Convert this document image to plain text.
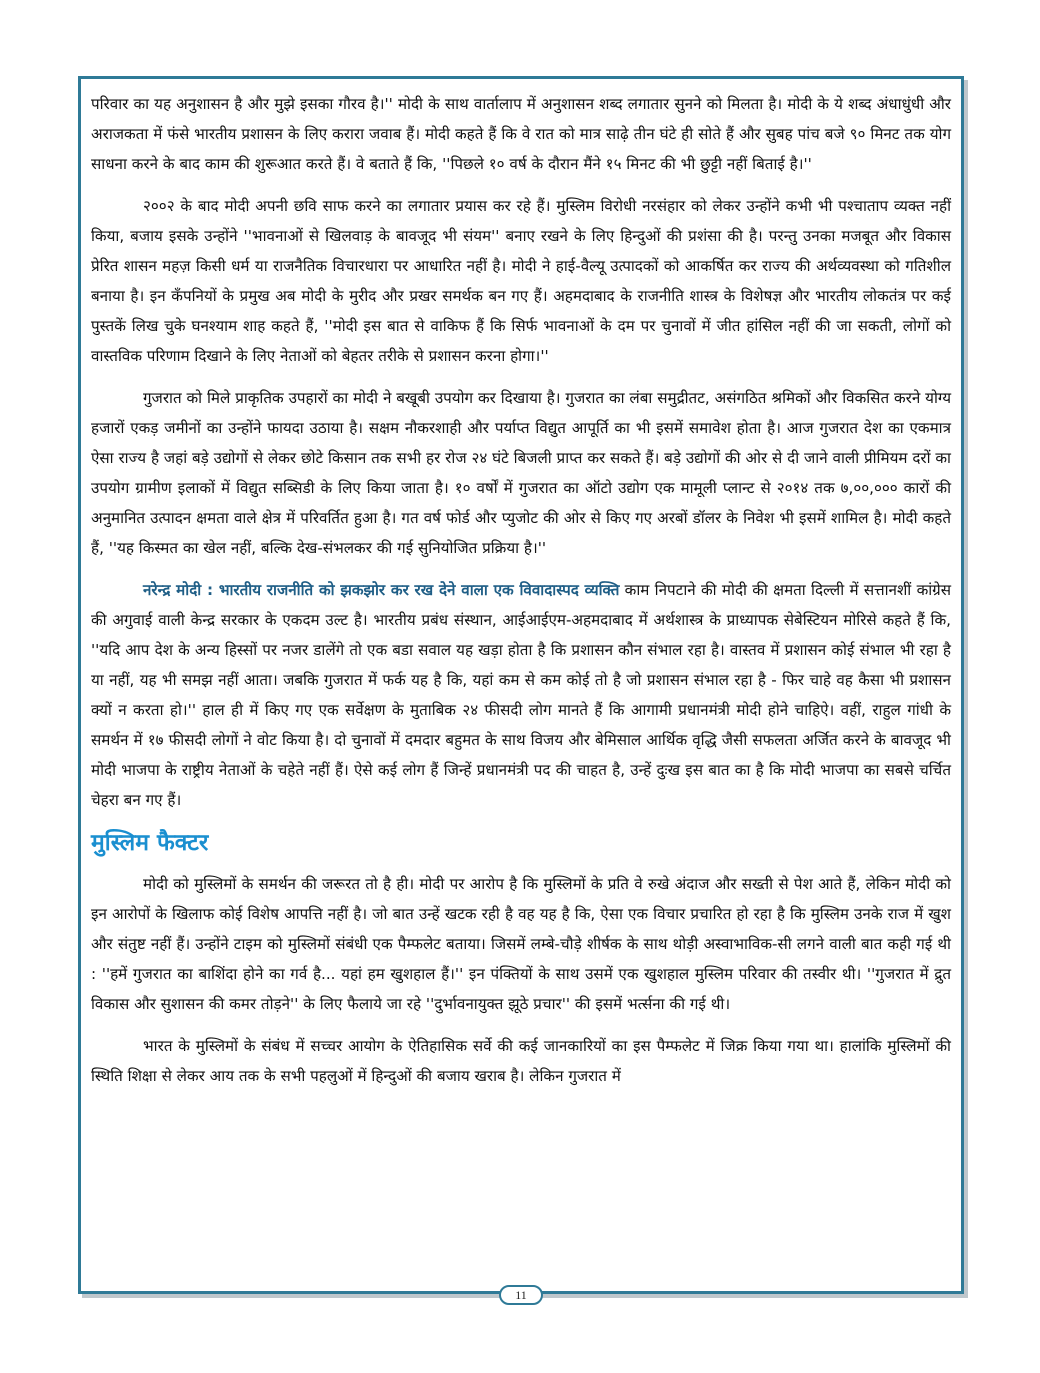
परिवार का यह अनुशासन है और मुझे इसका गौरव है।'' मोदी के साथ वार्तालाप में अनुशासन शब्द लगातार सुनने को मिलता है। मोदी के ये शब्द अंधाधुंधी और अराजकता में फंसे भारतीय प्रशासन के लिए करारा जवाब हैं। मोदी कहते हैं कि वे रात को मात्र साढ़े तीन घंटे ही सोते हैं और सुबह पांच बजे ९० मिनट तक योग साधना करने के बाद काम की शुरूआत करते हैं। वे बताते हैं कि, ''पिछले १० वर्ष के दौरान मैंने १५ मिनट की भी छुट्टी नहीं बिताई है।''

२००२ के बाद मोदी अपनी छवि साफ करने का लगातार प्रयास कर रहे हैं। मुस्लिम विरोधी नरसंहार को लेकर उन्होंने कभी भी पश्चाताप व्यक्त नहीं किया, बजाय इसके उन्होंने ''भावनाओं से खिलवाड़ के बावजूद भी संयम'' बनाए रखने के लिए हिन्दुओं की प्रशंसा की है। परन्तु उनका मजबूत और विकास प्रेरित शासन महज़ किसी धर्म या राजनैतिक विचारधारा पर आधारित नहीं है। मोदी ने हाई-वैल्यू उत्पादकों को आकर्षित कर राज्य की अर्थव्यवस्था को गतिशील बनाया है। इन कँपनियों के प्रमुख अब मोदी के मुरीद और प्रखर समर्थक बन गए हैं। अहमदाबाद के राजनीति शास्त्र के विशेषज्ञ और भारतीय लोकतंत्र पर कई पुस्तकें लिख चुके घनश्याम शाह कहते हैं, ''मोदी इस बात से वाकिफ हैं कि सिर्फ भावनाओं के दम पर चुनावों में जीत हांसिल नहीं की जा सकती, लोगों को वास्तविक परिणाम दिखाने के लिए नेताओं को बेहतर तरीके से प्रशासन करना होगा।''

गुजरात को मिले प्राकृतिक उपहारों का मोदी ने बखूबी उपयोग कर दिखाया है। गुजरात का लंबा समुद्रीतट, असंगठित श्रमिकों और विकसित करने योग्य हजारों एकड़ जमीनों का उन्होंने फायदा उठाया है। सक्षम नौकरशाही और पर्याप्त विद्युत आपूर्ति का भी इसमें समावेश होता है। आज गुजरात देश का एकमात्र ऐसा राज्य है जहां बड़े उद्योगों से लेकर छोटे किसान तक सभी हर रोज २४ घंटे बिजली प्राप्त कर सकते हैं। बड़े उद्योगों की ओर से दी जाने वाली प्रीमियम दरों का उपयोग ग्रामीण इलाकों में विद्युत सब्सिडी के लिए किया जाता है। १० वर्षों में गुजरात का ऑटो उद्योग एक मामूली प्लान्ट से २०१४ तक ७,००,००० कारों की अनुमानित उत्पादन क्षमता वाले क्षेत्र में परिवर्तित हुआ है। गत वर्ष फोर्ड और प्युजोट की ओर से किए गए अरबों डॉलर के निवेश भी इसमें शामिल है। मोदी कहते हैं, ''यह किस्मत का खेल नहीं, बल्कि देख-संभलकर की गई सुनियोजित प्रक्रिया है।''

नरेन्द्र मोदी : भारतीय राजनीति को झकझोर कर रख देने वाला एक विवादास्पद व्यक्ति काम निपटाने की मोदी की क्षमता दिल्ली में सत्तानशीं कांग्रेस की अगुवाई वाली केन्द्र सरकार के एकदम उल्ट है। भारतीय प्रबंध संस्थान, आईआईएम-अहमदाबाद में अर्थशास्त्र के प्राध्यापक सेबेस्टियन मोरिसे कहते हैं कि, ''यदि आप देश के अन्य हिस्सों पर नजर डालेंगे तो एक बडा सवाल यह खड़ा होता है कि प्रशासन कौन संभाल रहा है। वास्तव में प्रशासन कोई संभाल भी रहा है या नहीं, यह भी समझ नहीं आता। जबकि गुजरात में फर्क यह है कि, यहां कम से कम कोई तो है जो प्रशासन संभाल रहा है - फिर चाहे वह कैसा भी प्रशासन क्यों न करता हो।'' हाल ही में किए गए एक सर्वेक्षण के मुताबिक २४ फीसदी लोग मानते हैं कि आगामी प्रधानमंत्री मोदी होने चाहिऐ। वहीं, राहुल गांधी के समर्थन में १७ फीसदी लोगों ने वोट किया है। दो चुनावों में दमदार बहुमत के साथ विजय और बेमिसाल आर्थिक वृद्धि जैसी सफलता अर्जित करने के बावजूद भी मोदी भाजपा के राष्ट्रीय नेताओं के चहेते नहीं हैं। ऐसे कई लोग हैं जिन्हें प्रधानमंत्री पद की चाहत है, उन्हें दुःख इस बात का है कि मोदी भाजपा का सबसे चर्चित चेहरा बन गए हैं।

मुस्लिम फैक्टर

मोदी को मुस्लिमों के समर्थन की जरूरत तो है ही। मोदी पर आरोप है कि मुस्लिमों के प्रति वे रुखे अंदाज और सख्ती से पेश आते हैं, लेकिन मोदी को इन आरोपों के खिलाफ कोई विशेष आपत्ति नहीं है। जो बात उन्हें खटक रही है वह यह है कि, ऐसा एक विचार प्रचारित हो रहा है कि मुस्लिम उनके राज में खुश और संतुष्ट नहीं हैं। उन्होंने टाइम को मुस्लिमों संबंधी एक पैम्फलेट बताया। जिसमें लम्बे-चौड़े शीर्षक के साथ थोड़ी अस्वाभाविक-सी लगने वाली बात कही गई थी : ''हमें गुजरात का बाशिंदा होने का गर्व है... यहां हम खुशहाल हैं।'' इन पंक्तियों के साथ उसमें एक खुशहाल मुस्लिम परिवार की तस्वीर थी। ''गुजरात में द्रुत विकास और सुशासन की कमर तोड़ने'' के लिए फैलाये जा रहे ''दुर्भावनायुक्त झूठे प्रचार'' की इसमें भर्त्सना की गई थी।

भारत के मुस्लिमों के संबंध में सच्चर आयोग के ऐतिहासिक सर्वे की कई जानकारियों का इस पैम्फलेट में जिक्र किया गया था। हालांकि मुस्लिमों की स्थिति शिक्षा से लेकर आय तक के सभी पहलुओं में हिन्दुओं की बजाय खराब है। लेकिन गुजरात में

11
